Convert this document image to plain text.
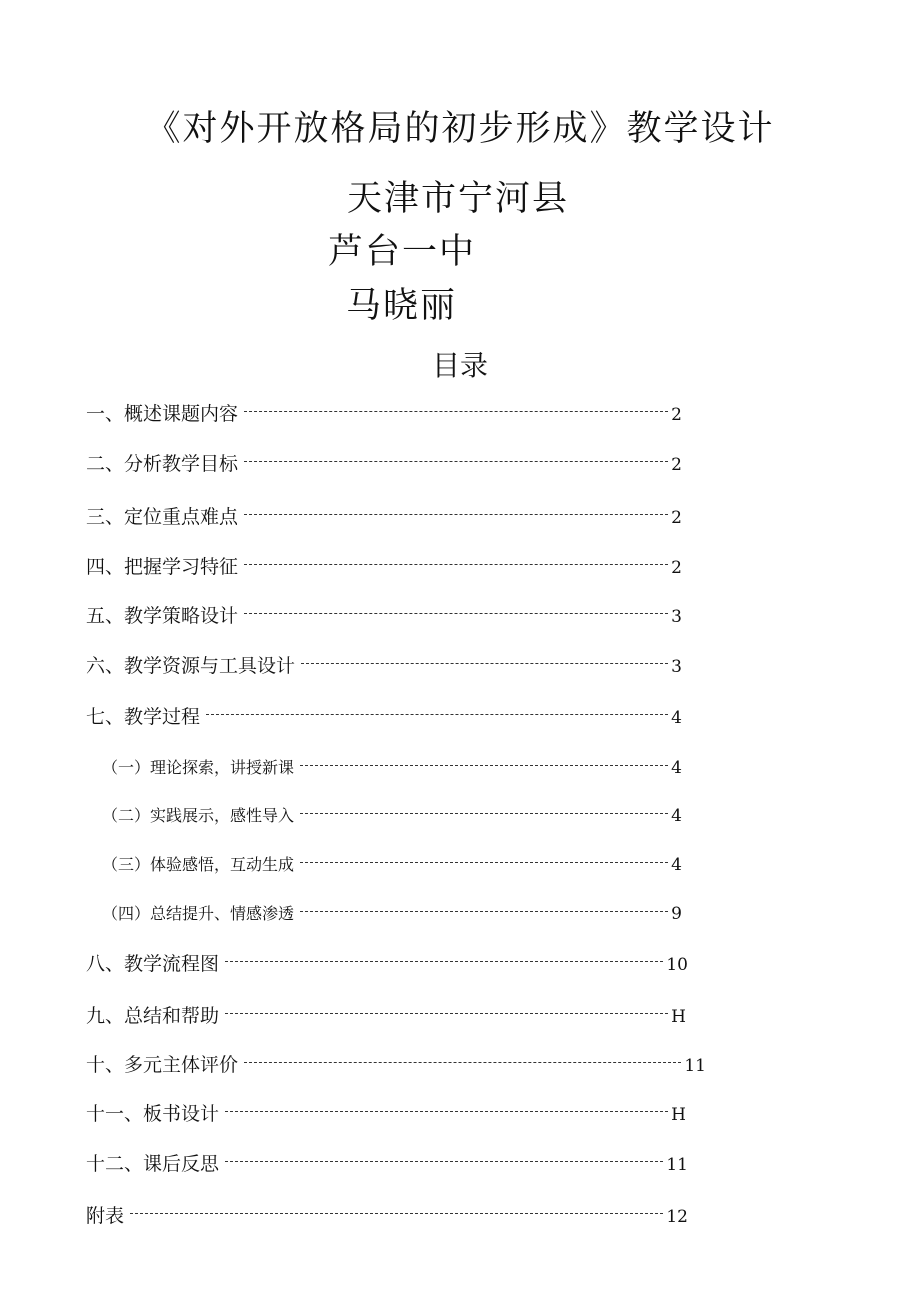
《对外开放格局的初步形成》教学设计

天津市宁河县

芦台一中

马晓丽

目录
一、概述课题内容	2
二、分析教学目标	2
三、定位重点难点	2
四、把握学习特征	2
五、教学策略设计	3
六、教学资源与工具设计	3
七、教学过程	4
（一）理论探索，讲授新课	4
（二）实践展示，感性导入	4
（三）体验感悟，互动生成	4
（四）总结提升、情感渗透	9
八、教学流程图	10
九、总结和帮助	H
十、多元主体评价	11
十一、板书设计	H
十二、课后反思	11
附表	12
